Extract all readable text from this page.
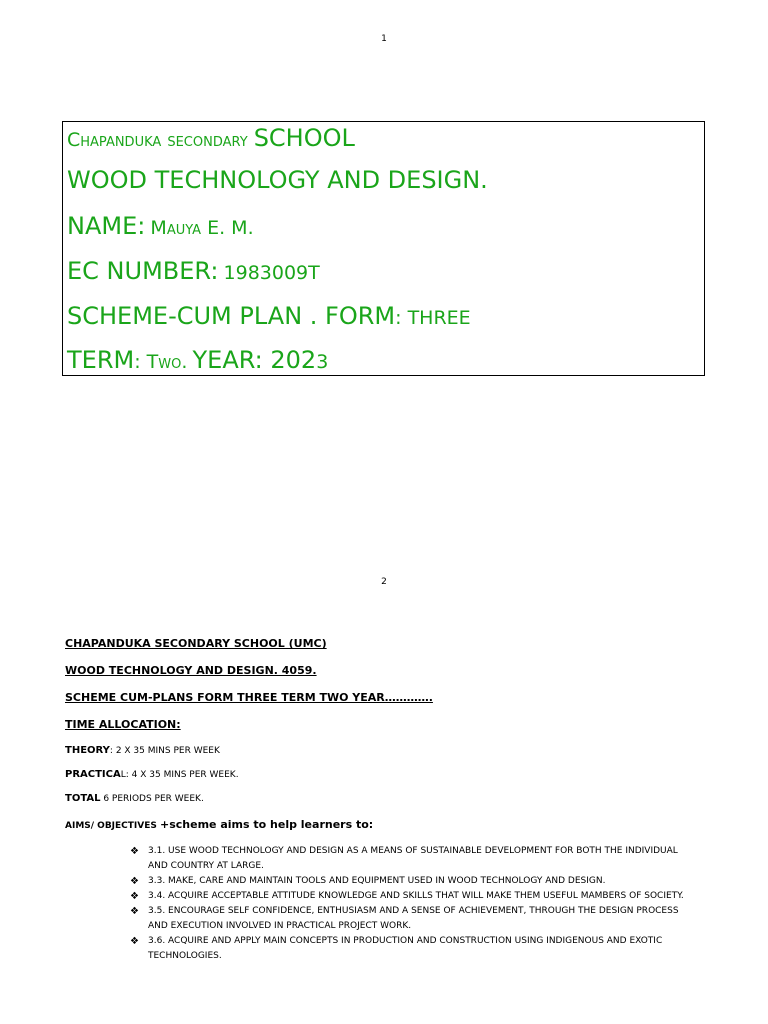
1
Chapanduka secondary SCHOOL
WOOD TECHNOLOGY AND DESIGN.
NAME: Mauya E. M.
EC NUMBER: 1983009T
SCHEME-CUM PLAN . FORM: THREE
TERM: Two. YEAR: 2023
2
CHAPANDUKA SECONDARY SCHOOL (UMC)
WOOD TECHNOLOGY AND DESIGN. 4059.
SCHEME CUM-PLANS FORM THREE TERM TWO YEAR………….
TIME ALLOCATION:
THEORY: 2 X 35 MINS PER WEEK
PRACTICAL: 4 X 35 MINS PER WEEK.
TOTAL 6 PERIODS PER WEEK.
AIMS/ OBJECTIVES +scheme aims to help learners to:
❖ 3.1. USE WOOD TECHNOLOGY AND DESIGN AS A MEANS OF SUSTAINABLE DEVELOPMENT FOR BOTH THE INDIVIDUAL AND COUNTRY AT LARGE.
❖ 3.3. MAKE, CARE AND MAINTAIN TOOLS AND EQUIPMENT USED IN WOOD TECHNOLOGY AND DESIGN.
❖ 3.4. ACQUIRE ACCEPTABLE ATTITUDE KNOWLEDGE AND SKILLS THAT WILL MAKE THEM USEFUL MAMBERS OF SOCIETY.
❖ 3.5. ENCOURAGE SELF CONFIDENCE, ENTHUSIASM AND A SENSE OF ACHIEVEMENT, THROUGH THE DESIGN PROCESS AND EXECUTION INVOLVED IN PRACTICAL PROJECT WORK.
❖ 3.6. ACQUIRE AND APPLY MAIN CONCEPTS IN PRODUCTION AND CONSTRUCTION USING INDIGENOUS AND EXOTIC TECHNOLOGIES.
